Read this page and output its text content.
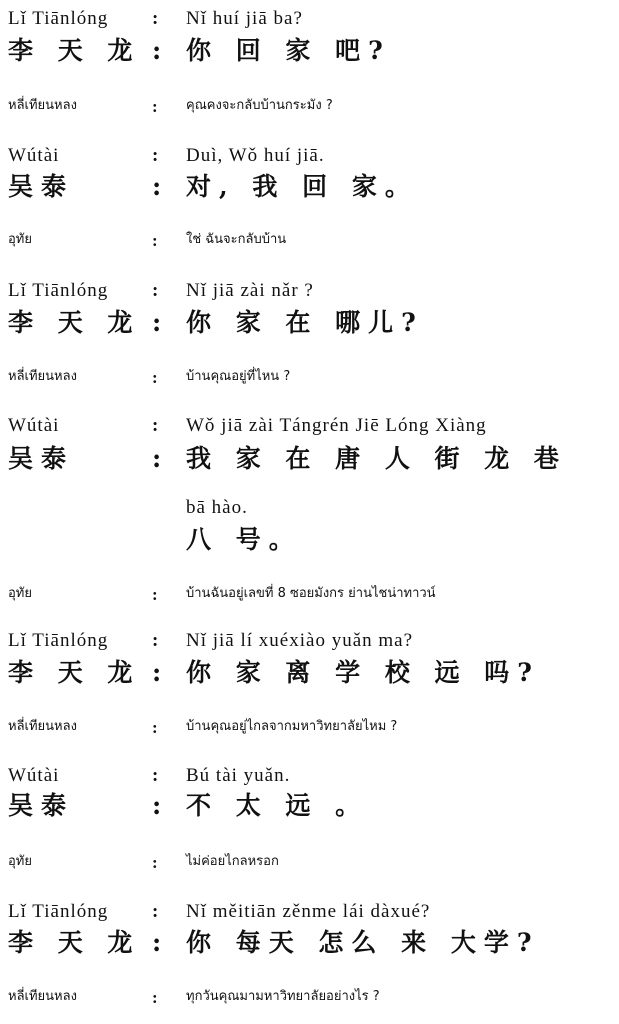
Lǐ Tiānlóng : Nǐ huí jiā ba?
李 天 龙 : 你 回 家 吧?
หลี่เทียนหลง	: คุณคงจะกลับบ้านกระมัง ?
Wútài	: Duì, Wǒ huí jiā.
吴泰	: 对, 我 回 家。
อุทัย	: ใช่ ฉันจะกลับบ้าน
Lǐ Tiānlóng : Nǐ jiā zài nǎr ?
李 天 龙 : 你 家 在 哪儿?
หลี่เทียนหลง	: บ้านคุณอยู่ที่ไหน ?
Wútài	: Wǒ jiā zài Tángrén Jiē Lóng Xiàng
吴泰	: 我 家 在 唐 人 街 龙 巷
bā hào.
八 号。
อุทัย	: บ้านฉันอยู่เลขที่ 8 ซอยมังกร ย่านไชน่าทาวน์
Lǐ Tiānlóng : Nǐ jiā lí xuéxiào yuǎn ma?
李 天 龙 : 你 家 离 学 校 远 吗?
หลี่เทียนหลง	: บ้านคุณอยู่ไกลจากมหาวิทยาลัยไหม ?
Wútài	: Bú tài yuǎn.
吴泰	: 不 太 远 。
อุทัย	: ไม่ค่อยไกลหรอก
Lǐ Tiānlóng : Nǐ měitiān zěnme lái dàxué?
李 天 龙 : 你 每天 怎么 来 大学?
หลี่เทียนหลง	: ทุกวันคุณมามหาวิทยาลัยอย่างไร ?
